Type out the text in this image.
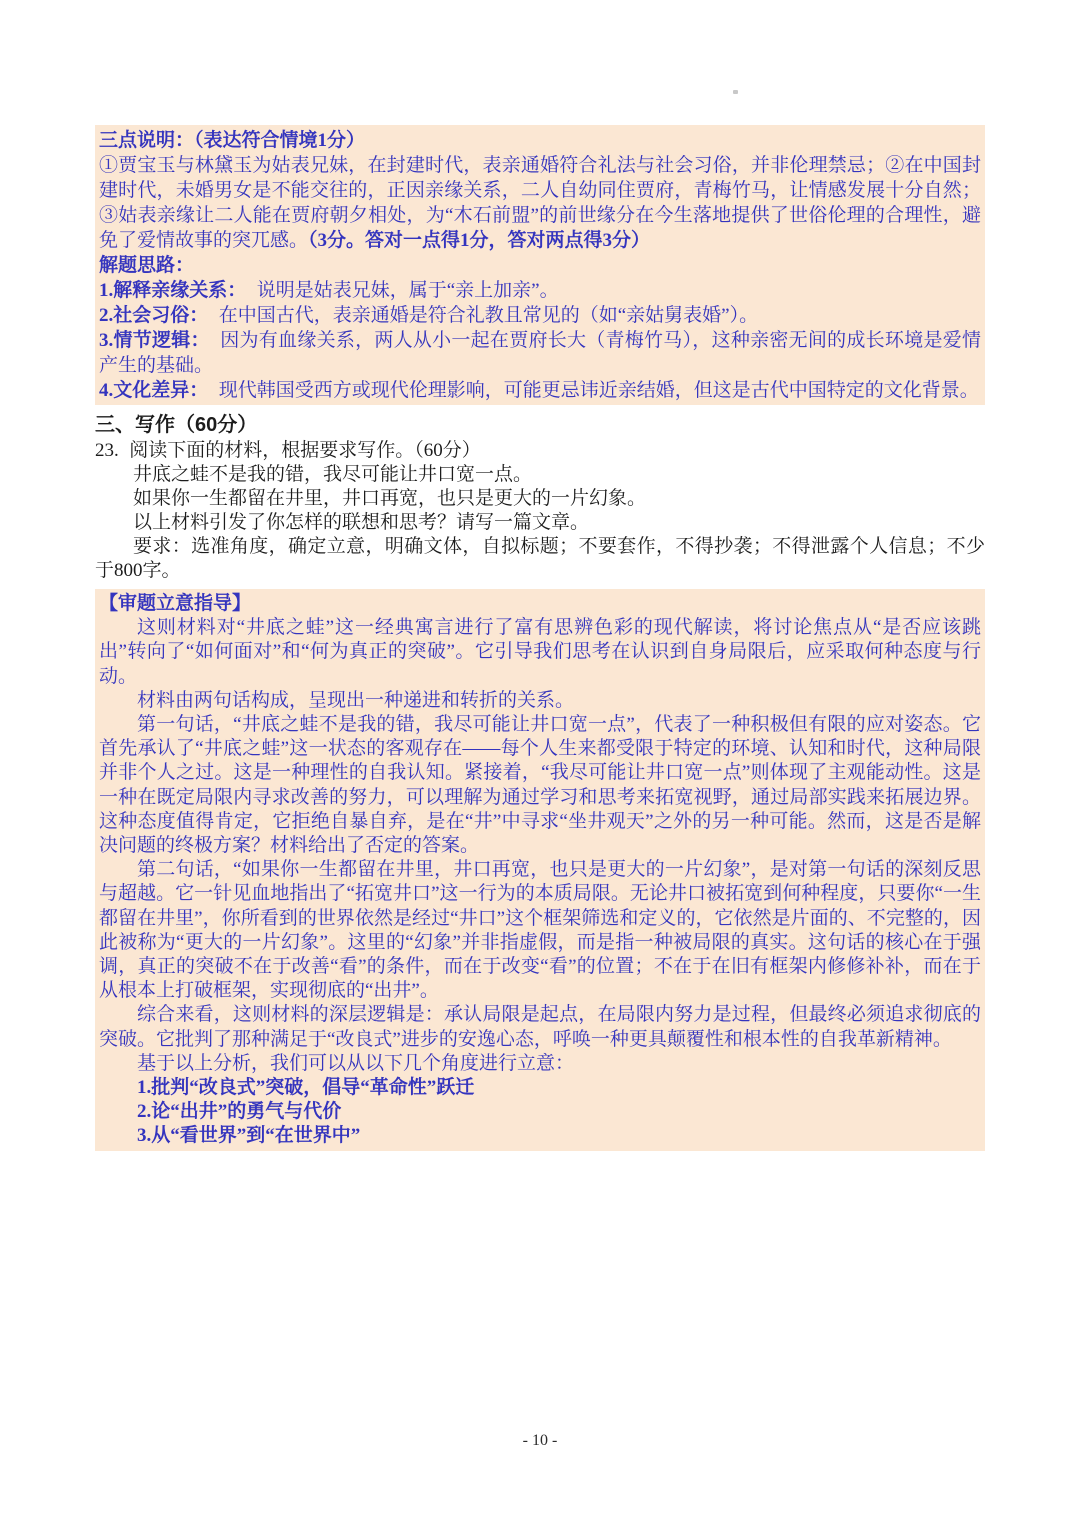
三点说明：（表达符合情境1分）

①贾宝玉与林黛玉为姑表兄妹，在封建时代，表亲通婚符合礼法与社会习俗，并非伦理禁忌；②在中国封建时代，未婚男女是不能交往的，正因亲缘关系，二人自幼同住贾府，青梅竹马，让情感发展十分自然；③姑表亲缘让二人能在贾府朝夕相处，为“木石前盟”的前世缘分在今生落地提供了世俗伦理的合理性，避免了爱情故事的突兀感。（3分。答对一点得1分，答对两点得3分）

解题思路：

1.解释亲缘关系： 说明是姑表兄妹，属于“亲上加亲”。

2.社会习俗： 在中国古代，表亲通婚是符合礼教且常见的（如“亲姑舅表婚”）。

3.情节逻辑： 因为有血缘关系，两人从小一起在贾府长大（青梅竹马），这种亲密无间的成长环境是爱情产生的基础。

4.文化差异： 现代韩国受西方或现代伦理影响，可能更忌讳近亲结婚，但这是古代中国特定的文化背景。

三、写作（60分）

23. 阅读下面的材料，根据要求写作。（60分）

井底之蛙不是我的错，我尽可能让井口宽一点。

如果你一生都留在井里，井口再宽，也只是更大的一片幻象。

以上材料引发了你怎样的联想和思考？请写一篇文章。

要求：选准角度，确定立意，明确文体，自拟标题；不要套作，不得抄袭；不得泄露个人信息；不少于800字。

【审题立意指导】

这则材料对“井底之蛙”这一经典寓言进行了富有思辨色彩的现代解读，将讨论焦点从“是否应该跳出”转向了“如何面对”和“何为真正的突破”。它引导我们思考在认识到自身局限后，应采取何种态度与行动。

材料由两句话构成，呈现出一种递进和转折的关系。

第一句话，“井底之蛙不是我的错，我尽可能让井口宽一点”，代表了一种积极但有限的应对姿态。它首先承认了“井底之蛙”这一状态的客观存在——每个人生来都受限于特定的环境、认知和时代，这种局限并非个人之过。这是一种理性的自我认知。紧接着，“我尽可能让井口宽一点”则体现了主观能动性。这是一种在既定局限内寻求改善的努力，可以理解为通过学习和思考来拓宽视野，通过局部实践来拓展边界。这种态度值得肯定，它拒绝自暴自弃，是在“井”中寻求“坐井观天”之外的另一种可能。然而，这是否是解决问题的终极方案？材料给出了否定的答案。

第二句话，“如果你一生都留在井里，井口再宽，也只是更大的一片幻象”，是对第一句话的深刻反思与超越。它一针见血地指出了“拓宽井口”这一行为的本质局限。无论井口被拓宽到何种程度，只要你“一生都留在井里”，你所看到的世界依然是经过“井口”这个框架筛选和定义的，它依然是片面的、不完整的，因此被称为“更大的一片幻象”。这里的“幻象”并非指虚假，而是指一种被局限的真实。这句话的核心在于强调，真正的突破不在于改善“看”的条件，而在于改变“看”的位置；不在于在旧有框架内修修补补，而在于从根本上打破框架，实现彻底的“出井”。

综合来看，这则材料的深层逻辑是：承认局限是起点，在局限内努力是过程，但最终必须追求彻底的突破。它批判了那种满足于“改良式”进步的安逸心态，呼唤一种更具颠覆性和根本性的自我革新精神。

基于以上分析，我们可以从以下几个角度进行立意：

1.批判“改良式”突破，倡导“革命性”跃迁

2.论“出井”的勇气与代价

3.从“看世界”到“在世界中”

- 10 -
